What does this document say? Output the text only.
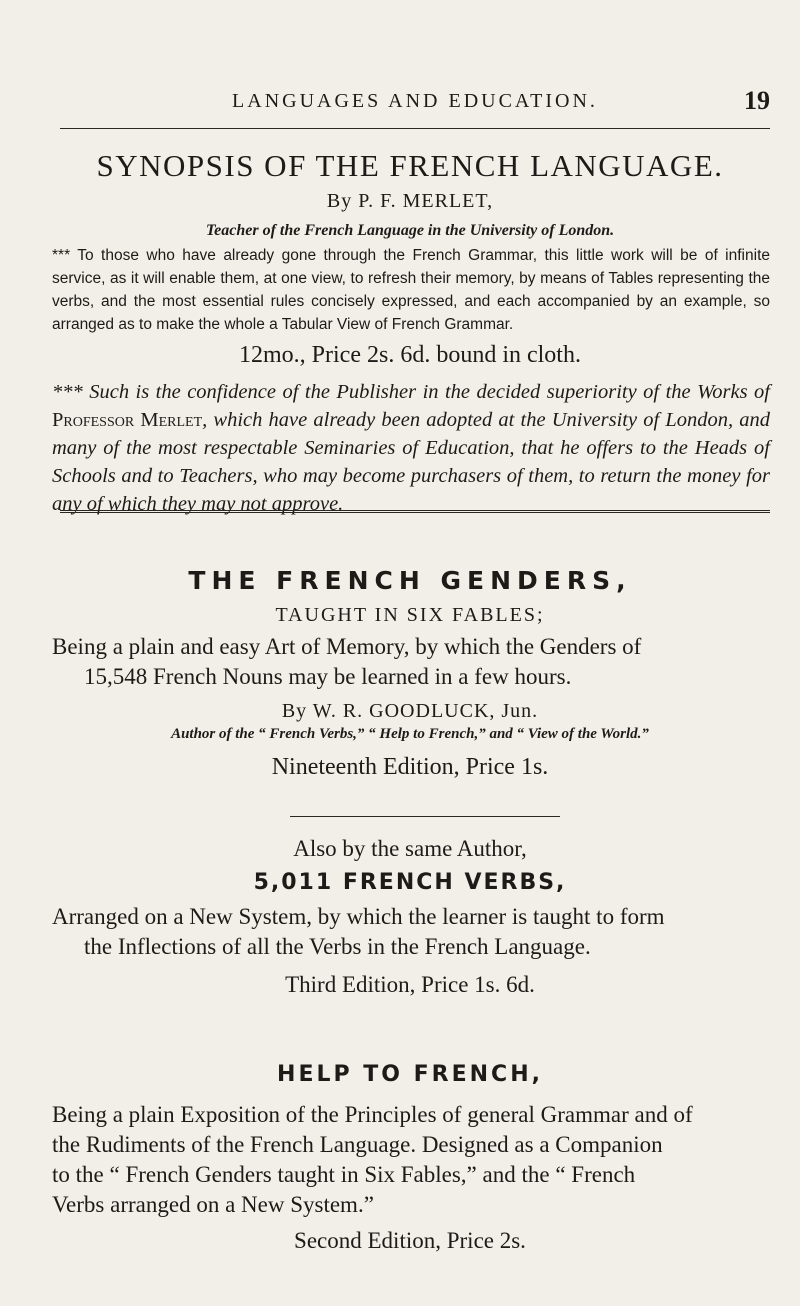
LANGUAGES AND EDUCATION.	19
SYNOPSIS OF THE FRENCH LANGUAGE.
By P. F. MERLET,
Teacher of the French Language in the University of London.
*** To those who have already gone through the French Grammar, this little work will be of infinite service, as it will enable them, at one view, to refresh their memory, by means of Tables representing the verbs, and the most essential rules concisely expressed, and each accompanied by an example, so arranged as to make the whole a Tabular View of French Grammar.
12mo., Price 2s. 6d. bound in cloth.
*** Such is the confidence of the Publisher in the decided superiority of the Works of Professor Merlet, which have already been adopted at the University of London, and many of the most respectable Seminaries of Education, that he offers to the Heads of Schools and to Teachers, who may become purchasers of them, to return the money for any of which they may not approve.
THE FRENCH GENDERS,
TAUGHT IN SIX FABLES;
Being a plain and easy Art of Memory, by which the Genders of
15,548 French Nouns may be learned in a few hours.
By W. R. GOODLUCK, Jun.
Author of the “ French Verbs,” “ Help to French,” and “ View of the World.”
Nineteenth Edition, Price 1s.
Also by the same Author,
5,011 FRENCH VERBS,
Arranged on a New System, by which the learner is taught to form
the Inflections of all the Verbs in the French Language.
Third Edition, Price 1s. 6d.
HELP TO FRENCH,
Being a plain Exposition of the Principles of general Grammar and of
the Rudiments of the French Language. Designed as a Companion
to the “ French Genders taught in Six Fables,” and the “ French
Verbs arranged on a New System.”
Second Edition, Price 2s.
